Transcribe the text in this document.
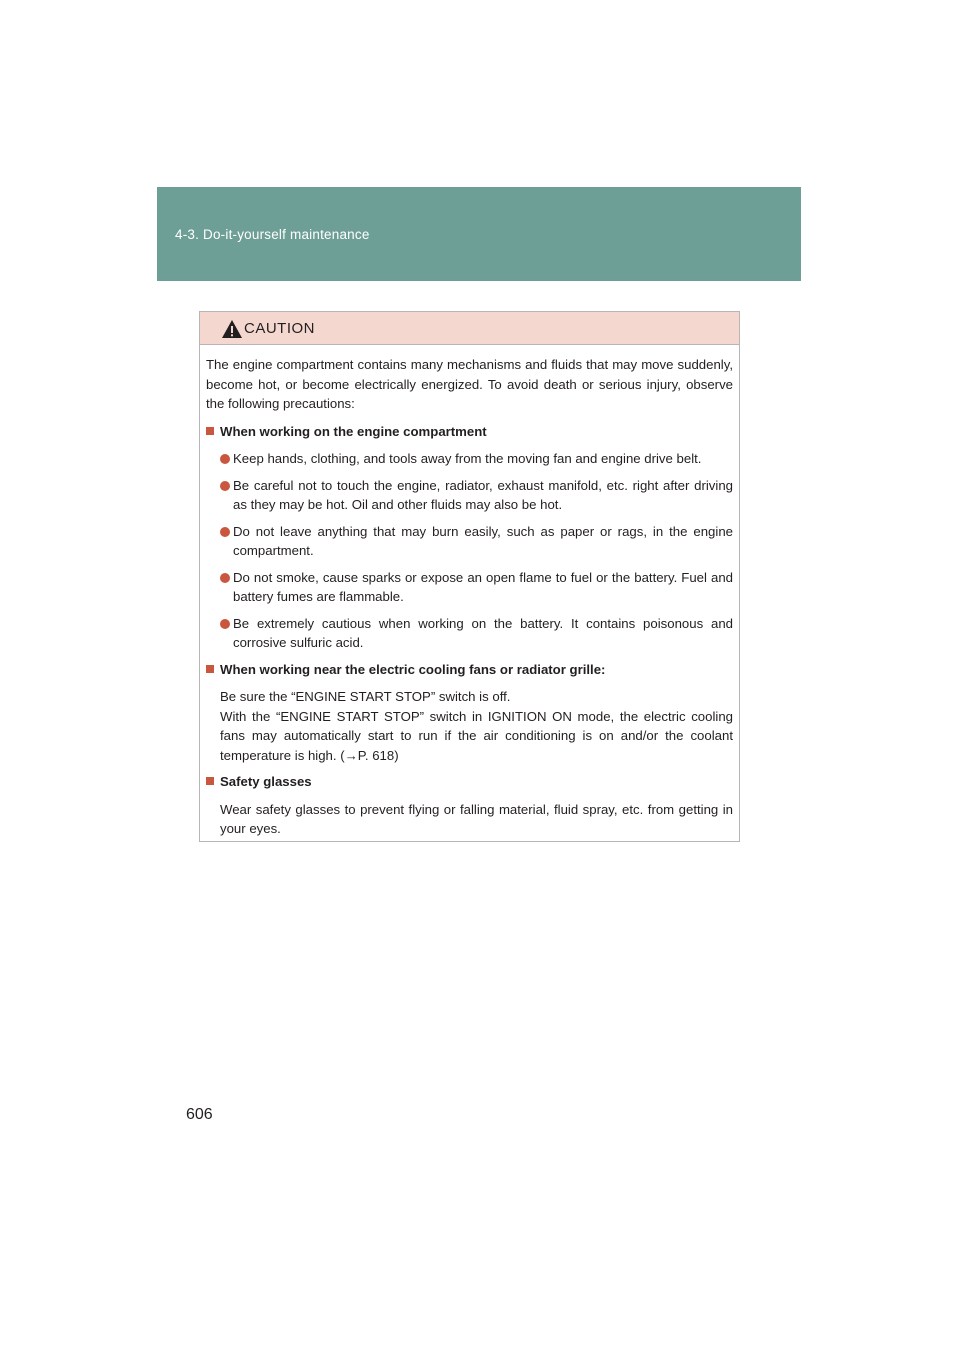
4-3. Do-it-yourself maintenance
CAUTION

The engine compartment contains many mechanisms and fluids that may move suddenly, become hot, or become electrically energized. To avoid death or serious injury, observe the following precautions:

When working on the engine compartment

Keep hands, clothing, and tools away from the moving fan and engine drive belt.

Be careful not to touch the engine, radiator, exhaust manifold, etc. right after driving as they may be hot. Oil and other fluids may also be hot.

Do not leave anything that may burn easily, such as paper or rags, in the engine compartment.

Do not smoke, cause sparks or expose an open flame to fuel or the battery. Fuel and battery fumes are flammable.

Be extremely cautious when working on the battery. It contains poisonous and corrosive sulfuric acid.

When working near the electric cooling fans or radiator grille:

Be sure the “ENGINE START STOP” switch is off.

With the “ENGINE START STOP” switch in IGNITION ON mode, the electric cooling fans may automatically start to run if the air conditioning is on and/or the coolant temperature is high. (→P. 618)

Safety glasses

Wear safety glasses to prevent flying or falling material, fluid spray, etc. from getting in your eyes.

606
